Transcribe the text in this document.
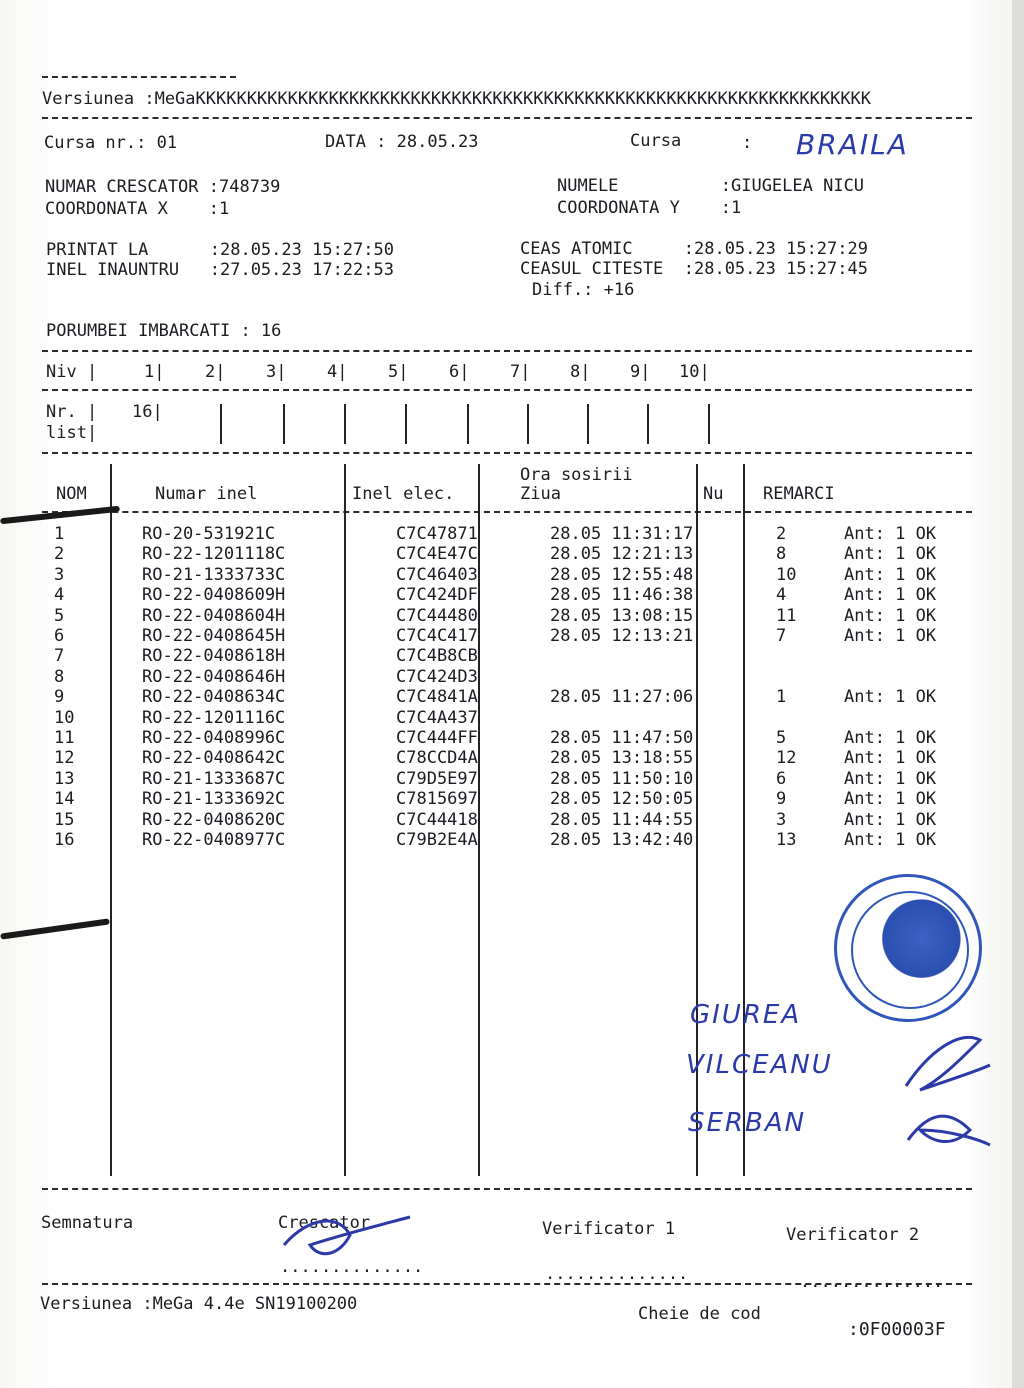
Versiunea :MeGaKKKKKKKKKKKKKKKKKKKKKKKKKKKKKKKKKKKKKKKKKKKKKKKKKKKKKKKKKKKKKKKKKK
Cursa nr.: 01	DATA : 28.05.23	Cursa	: BRAILA
NUMAR CRESCATOR :748739
COORDONATA X    :1
NUMELE          :GIUGELEA NICU
COORDONATA Y    :1
PRINTAT LA      :28.05.23 15:27:50
INEL INAUNTRU   :27.05.23 17:22:53
CEAS ATOMIC     :28.05.23 15:27:29
CEASUL CITESTE  :28.05.23 15:27:45
Diff.: +16
PORUMBEI IMBARCATI : 16
Niv |	1| 2| 3| 4| 5| 6| 7| 8| 9| 10|
Nr. |
list|
16|
NOM	Numar inel	Inel elec.
Ora sosirii
Ziua	Nu REMARCI
1	RO-20-531921C	C7C47871	28.05 11:31:17	2	Ant: 1 OK
2	RO-22-1201118C	C7C4E47C	28.05 12:21:13	8	Ant: 1 OK
3	RO-21-1333733C	C7C46403	28.05 12:55:48	10	Ant: 1 OK
4	RO-22-0408609H	C7C424DF	28.05 11:46:38	4	Ant: 1 OK
5	RO-22-0408604H	C7C44480	28.05 13:08:15	11	Ant: 1 OK
6	RO-22-0408645H	C7C4C417	28.05 12:13:21	7	Ant: 1 OK
7	RO-22-0408618H	C7C4B8CB			
8	RO-22-0408646H	C7C424D3			
9	RO-22-0408634C	C7C4841A	28.05 11:27:06	1	Ant: 1 OK
10	RO-22-1201116C	C7C4A437			
11	RO-22-0408996C	C7C444FF	28.05 11:47:50	5	Ant: 1 OK
12	RO-22-0408642C	C78CCD4A	28.05 13:18:55	12	Ant: 1 OK
13	RO-21-1333687C	C79D5E97	28.05 11:50:10	6	Ant: 1 OK
14	RO-21-1333692C	C7815697	28.05 12:50:05	9	Ant: 1 OK
15	RO-22-0408620C	C7C44418	28.05 11:44:55	3	Ant: 1 OK
16	RO-22-0408977C	C79B2E4A	28.05 13:42:40	13	Ant: 1 OK
GIUREA
VILCEANU
SERBAN
Semnatura	Crescator	Verificator 1	Verificator 2
..............	..............	..............
Versiunea :MeGa 4.4e SN19100200	Cheie de cod
:0F00003F
